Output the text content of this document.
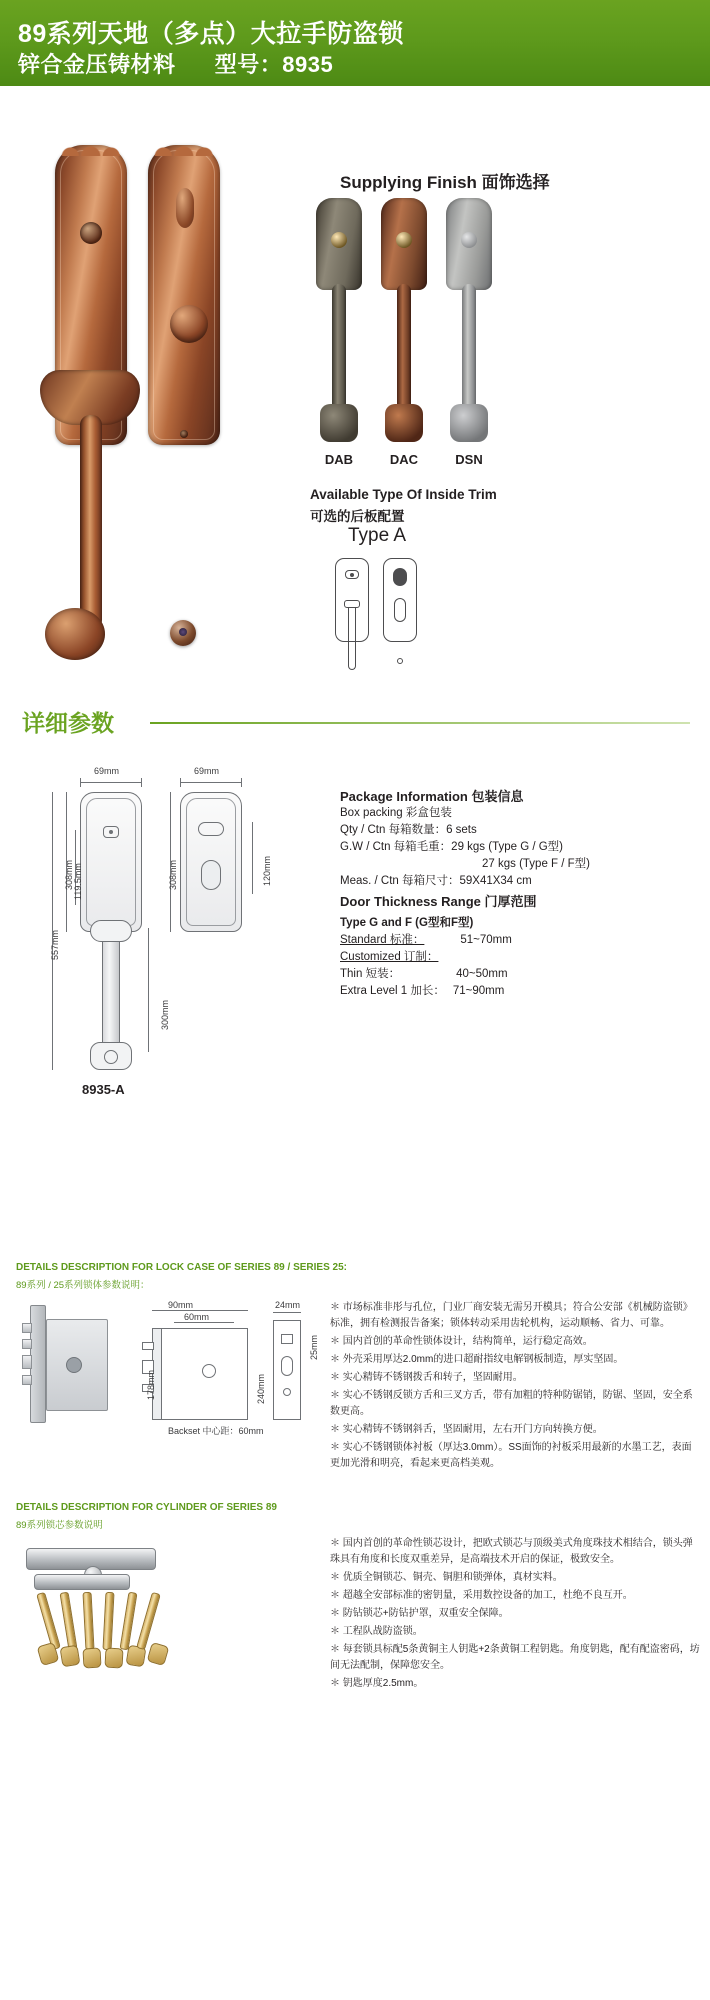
89系列天地（多点）大拉手防盗锁
锌合金压铸材料 型号：8935
Supplying Finish 面饰选择
DAB	DAC	DSN
Available Type Of Inside Trim
可选的后板配置
Type A
详细参数
69mm
308mm 119.5mm
557mm
300mm
8935-A
69mm
308mm	120mm
Package Information 包装信息
Box packing 彩盒包装
Qty / Ctn 每箱数量：6 sets
G.W / Ctn 每箱毛重：29 kgs (Type G / G型)
27 kgs (Type F / F型)
Meas. / Ctn 每箱尺寸：59X41X34 cm
Door Thickness Range 门厚范围
Type G and F (G型和F型)
Standard 标准：	51~70mm
Customized 订制：
Thin 短装：	40~50mm
Extra Level 1 加长： 71~90mm
DETAILS DESCRIPTION FOR LOCK CASE OF SERIES 89 / SERIES 25:
89系列 / 25系列锁体参数说明：
90mm
60mm
240mm
178mm
Backset 中心距：60mm
24mm
25mm
＊ 市场标准非彤与孔位，门业厂商安装无需另开模具；符合公安部《机械防盗锁》标准，拥有检测报告备案；锁体转动采用齿轮机构，运动顺畅、省力、可靠。
＊ 国内首创的革命性锁体设计，结构简单，运行稳定高效。
＊ 外壳采用厚达2.0mm的进口超耐指纹电解钢板制造，厚实坚固。
＊ 实心精铸不锈钢拨舌和转子，坚固耐用。
＊ 实心不锈钢反锁方舌和三叉方舌，带有加粗的特种防锯销，防锯、坚固，安全系数更高。
＊ 实心精铸不锈钢斜舌，坚固耐用，左右开门方向转换方便。
＊ 实心不锈钢锁体衬板（厚达3.0mm）。SS面饰的衬板采用最新的水墨工艺，表面更加光滑和明亮，看起来更高档美观。
DETAILS DESCRIPTION FOR CYLINDER OF SERIES 89
89系列锁芯参数说明
＊ 国内首创的革命性锁芯设计，把欧式锁芯与顶级美式角度珠技术相结合，锁头弹珠具有角度和长度双重差异，是高端技术开启的保证，极致安全。
＊ 优质全铜锁芯、铜壳、铜胆和锁弹体，真材实料。
＊ 超越全安部标准的密钥量，采用数控设备的加工，杜绝不良互开。
＊ 防钻锁芯+防钻护罩，双重安全保障。
＊ 工程队战防盗锁。
＊ 每套锁具标配5条黄铜主人钥匙+2条黄铜工程钥匙。角度钥匙，配有配盗密码，坊间无法配制，保障您安全。
＊ 钥匙厚度2.5mm。
